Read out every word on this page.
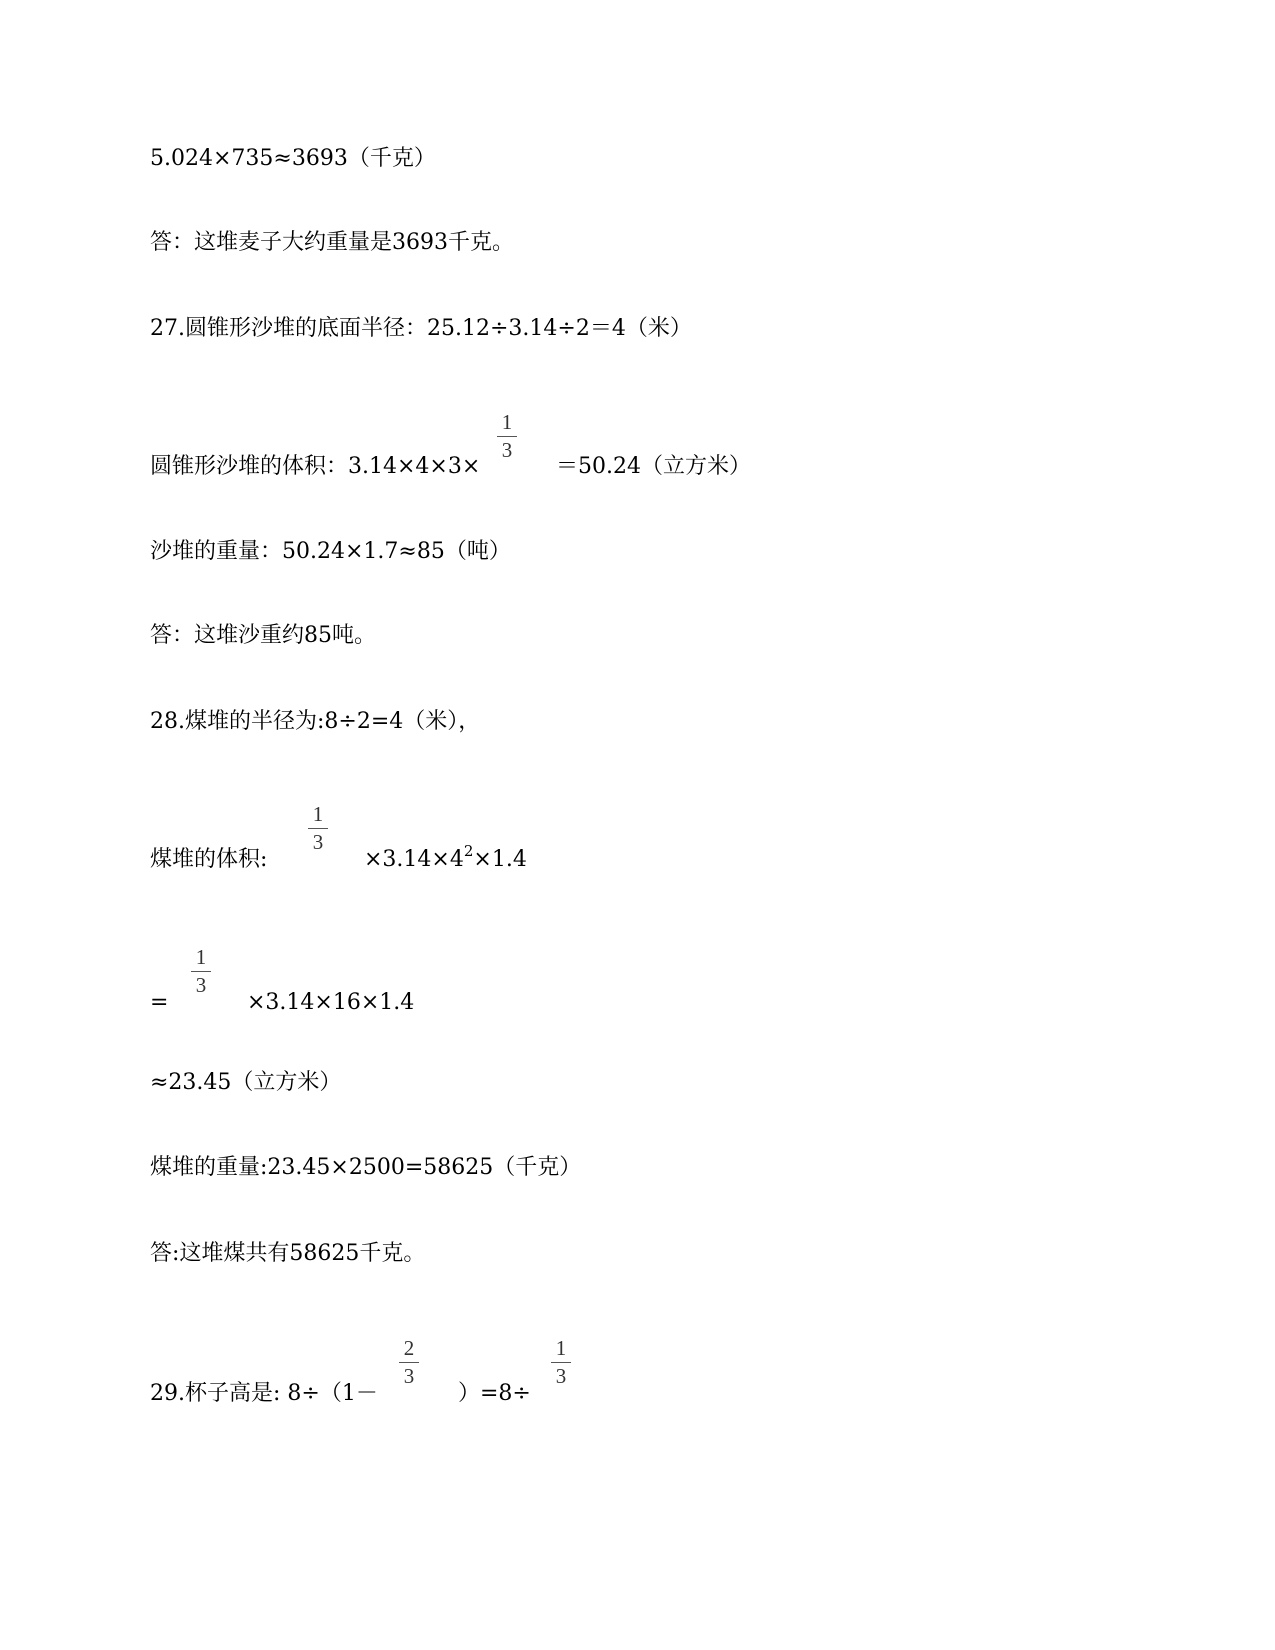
5.024×735≈3693（千克）
答：这堆麦子大约重量是3693千克。
27.圆锥形沙堆的底面半径：25.12÷3.14÷2＝4（米）
圆锥形沙堆的体积：3.14×4×3×
1
3
＝50.24（立方米）
沙堆的重量：50.24×1.7≈85（吨）
答：这堆沙重约85吨。
28.煤堆的半径为:8÷2=4（米），
煤堆的体积:
1
3
$\times 3.14\times 4^2\times 1.4$
=
1
3
×3.14×16×1.4
≈23.45（立方米）
煤堆的重量:23.45×2500=58625（千克）
答:这堆煤共有58625千克。
29.杯子高是: 8÷（1－
2
3
）=8÷
1
3
